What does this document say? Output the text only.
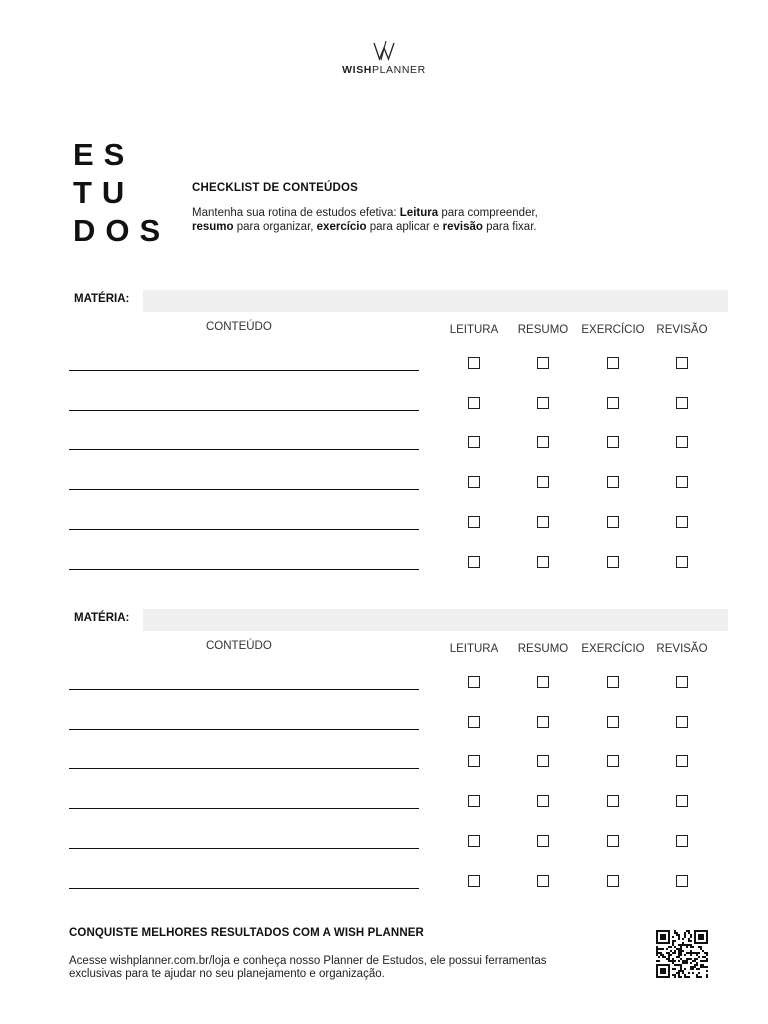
WISHPLANNER
ES
TU
DOS
CHECKLIST DE CONTEÚDOS
Mantenha sua rotina de estudos efetiva: Leitura para compreender, resumo para organizar, exercício para aplicar e revisão para fixar.
MATÉRIA:
CONTEÚDO	LEITURA	RESUMO	EXERCÍCIO	REVISÃO
MATÉRIA:
CONTEÚDO	LEITURA	RESUMO	EXERCÍCIO	REVISÃO
CONQUISTE MELHORES RESULTADOS COM A WISH PLANNER
Acesse wishplanner.com.br/loja e conheça nosso Planner de Estudos, ele possui ferramentas exclusivas para te ajudar no seu planejamento e organização.
